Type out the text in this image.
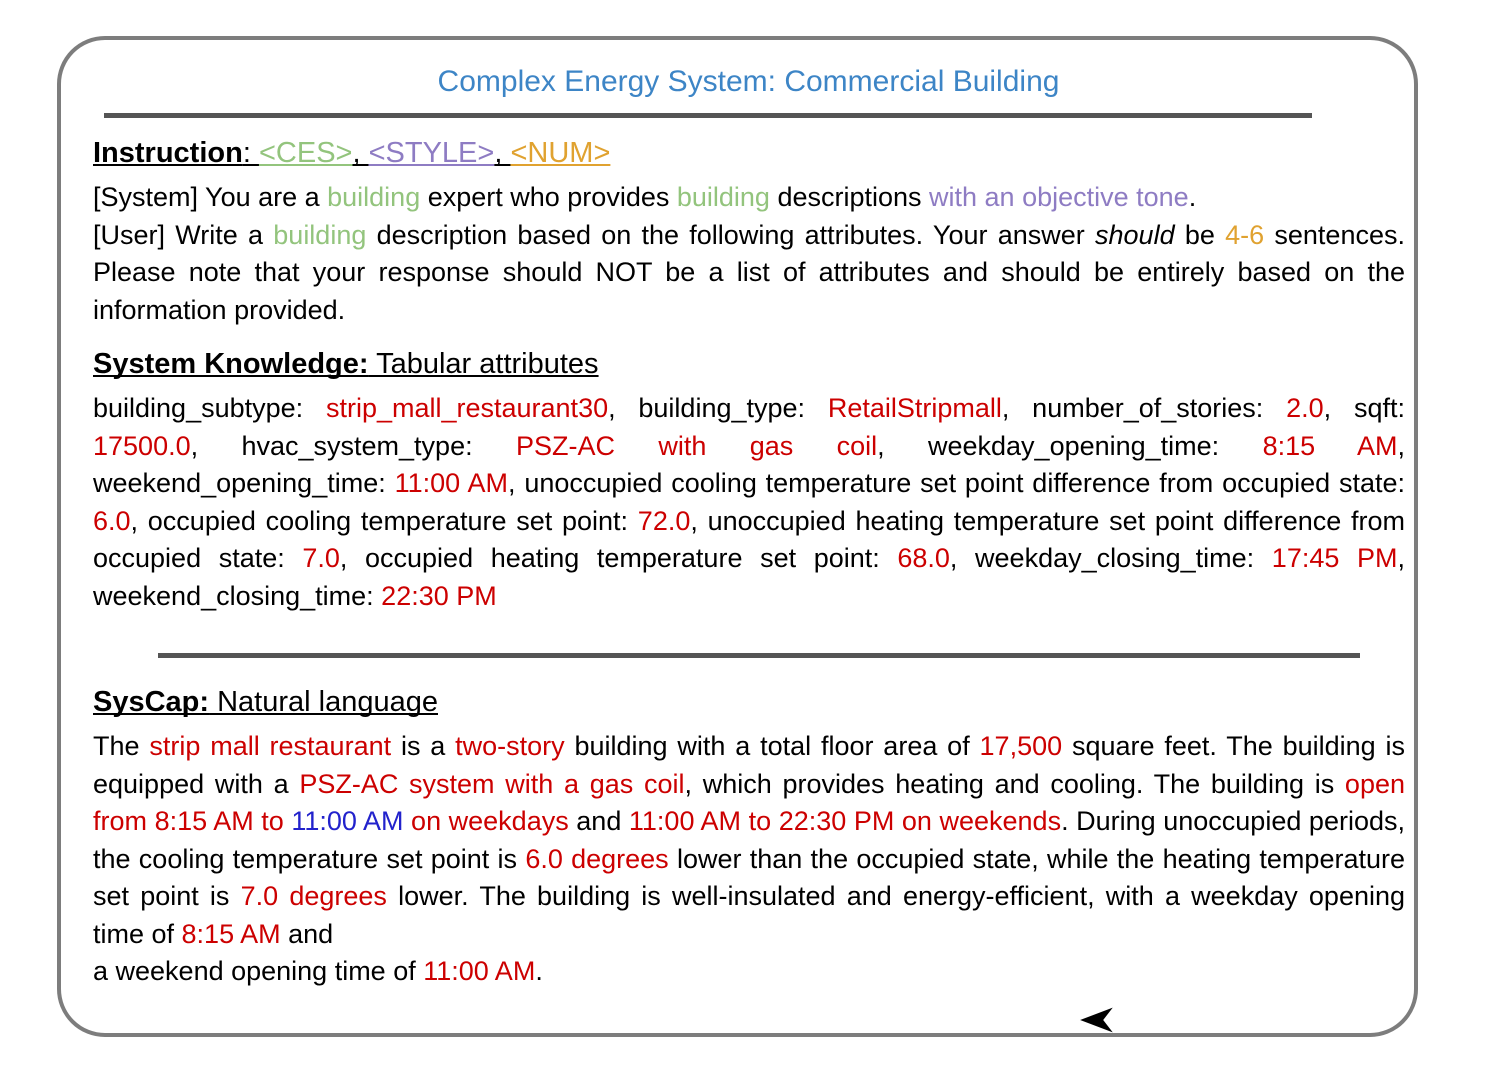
Complex Energy System: Commercial Building
Instruction: <CES>, <STYLE>, <NUM>

[System] You are a building expert who provides building descriptions with an objective tone.
[User] Write a building description based on the following attributes. Your answer should be 4-6 sentences. Please note that your response should NOT be a list of attributes and should be entirely based on the information provided.

System Knowledge: Tabular attributes

building_subtype: strip_mall_restaurant30, building_type: RetailStripmall, number_of_stories: 2.0, sqft: 17500.0, hvac_system_type: PSZ-AC with gas coil, weekday_opening_time: 8:15 AM, weekend_opening_time: 11:00 AM, unoccupied cooling temperature set point difference from occupied state: 6.0, occupied cooling temperature set point: 72.0, unoccupied heating temperature set point difference from occupied state: 7.0, occupied heating temperature set point: 68.0, weekday_closing_time: 17:45 PM, weekend_closing_time: 22:30 PM

SysCap: Natural language

The strip mall restaurant is a two-story building with a total floor area of 17,500 square feet. The building is equipped with a PSZ-AC system with a gas coil, which provides heating and cooling. The building is open from 8:15 AM to 11:00 AM on weekdays and 11:00 AM to 22:30 PM on weekends. During unoccupied periods, the cooling temperature set point is 6.0 degrees lower than the occupied state, while the heating temperature set point is 7.0 degrees lower. The building is well-insulated and energy-efficient, with a weekday opening time of 8:15 AM and
a weekend opening time of 11:00 AM.
